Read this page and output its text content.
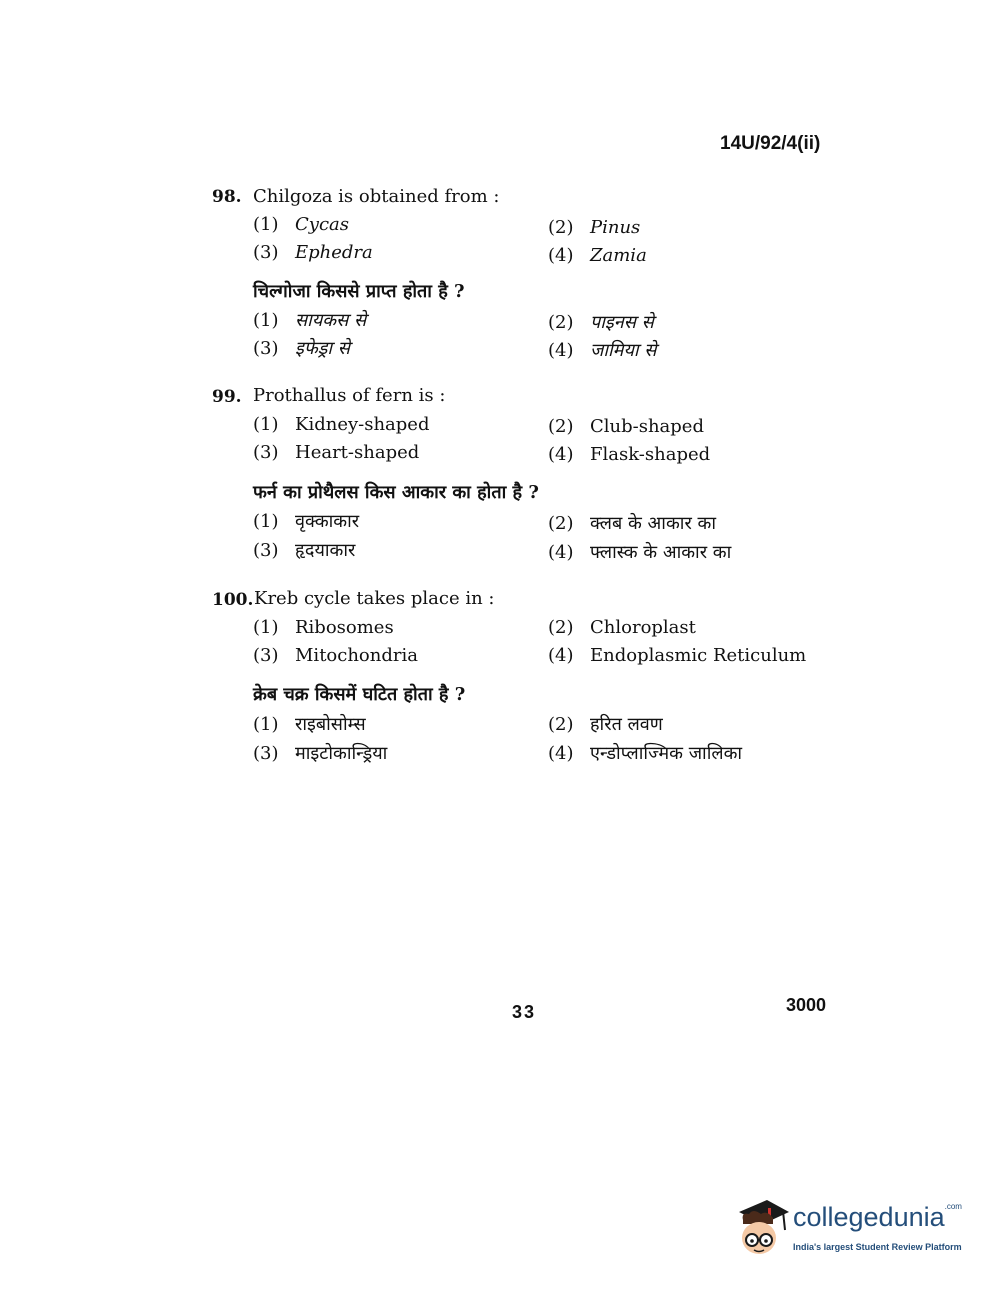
14U/92/4(ii)
98. Chilgoza is obtained from :
(1) Cycas	(2) Pinus
(3) Ephedra	(4) Zamia
चिल्गोजा किससे प्राप्त होता है ?
(1) सायकस से	(2) पाइनस से
(3) इफेड्रा से	(4) जामिया से
99. Prothallus of fern is :
(1) Kidney-shaped	(2) Club-shaped
(3) Heart-shaped	(4) Flask-shaped
फर्न का प्रोथैलस किस आकार का होता है ?
(1) वृक्काकार	(2) क्लब के आकार का
(3) हृदयाकार	(4) फ्लास्क के आकार का
100. Kreb cycle takes place in :
(1) Ribosomes	(2) Chloroplast
(3) Mitochondria	(4) Endoplasmic Reticulum
क्रेब चक्र किसमें घटित होता है ?
(1) राइबोसोम्स	(2) हरित लवण
(3) माइटोकान्ड्रिया	(4) एन्डोप्लाज्मिक जालिका
33	3000
collegedunia$^{.com}$
India's largest Student Review Platform
